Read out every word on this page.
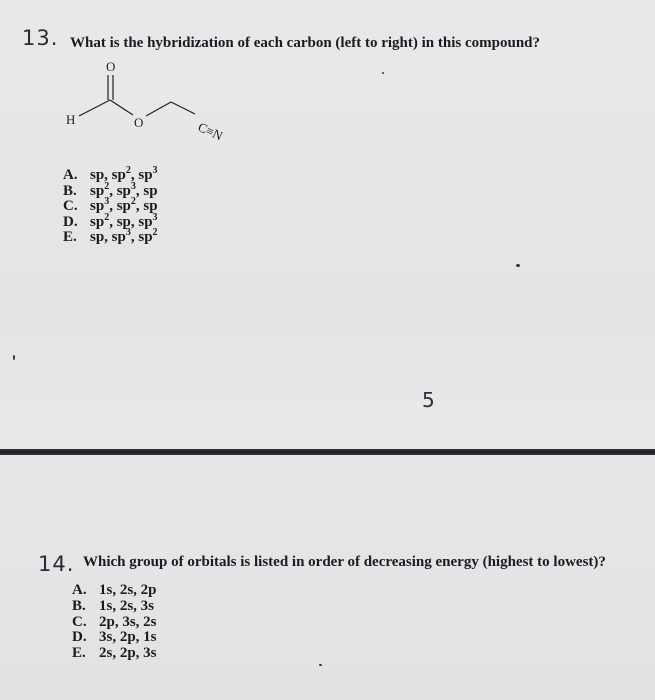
13. What is the hybridization of each carbon (left to right) in this compound?
O
H	O	C≡N
A. sp, $sp^2$, $sp^3$
B. $sp^2$, $sp^3$, sp
C. $sp^3$, $sp^2$, sp
D. $sp^2$, sp, $sp^3$
E. sp, $sp^3$, $sp^2$
5
14. Which group of orbitals is listed in order of decreasing energy (highest to lowest)?
A. 1s, 2s, 2p
B. 1s, 2s, 3s
C. 2p, 3s, 2s
D. 3s, 2p, 1s
E. 2s, 2p, 3s
